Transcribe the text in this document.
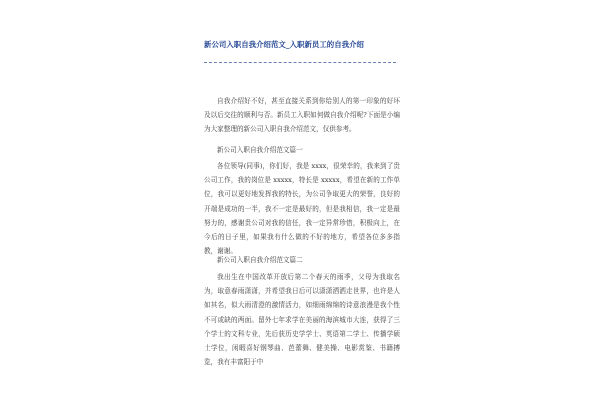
新公司入职自我介绍范文_入职新员工的自我介绍
自我介绍好不好，甚至直接关系到你给别人的第一印象的好坏及以后交往的顺利与否。新员工入职如何做自我介绍呢?下面是小编为大家整理的新公司入职自我介绍范文，仅供参考。
新公司入职自我介绍范文篇一
各位领导(同事)，你们好，我是 xxxx，很荣幸的，我来到了贵公司工作，我的岗位是 xxxxx，特长是 xxxxx，希望在新的工作单位，我可以更好地发挥我的特长，为公司争取更大的荣誉，良好的开端是成功的一半，我不一定是最好的，但是我相信，我一定是最努力的，感谢贵公司对我的信任，我一定异常珍惜，积极向上，在今后的日子里，如果我有什么做的不好的地方，希望各位多多指教，谢谢。
新公司入职自我介绍范文篇二
我出生在中国改革开放后第二个春天的雨季，父母为我取名为，取意春雨潇潇，并希望我日后可以潇潇洒洒走世界，也许是人如其名，似大雨清澄的激情活力，如细雨绵绵的诗意浪漫是我个性不可或缺的两面。留外七年求学在美丽的海滨城市大连，获得了三个学士的文科专业，先后获历史学学士、英语第二学士、传播学硕士学位，闲暇喜好钢琴曲、芭蕾舞、健美操、电影赏鉴、书籍搏览，我有丰富阳于中
